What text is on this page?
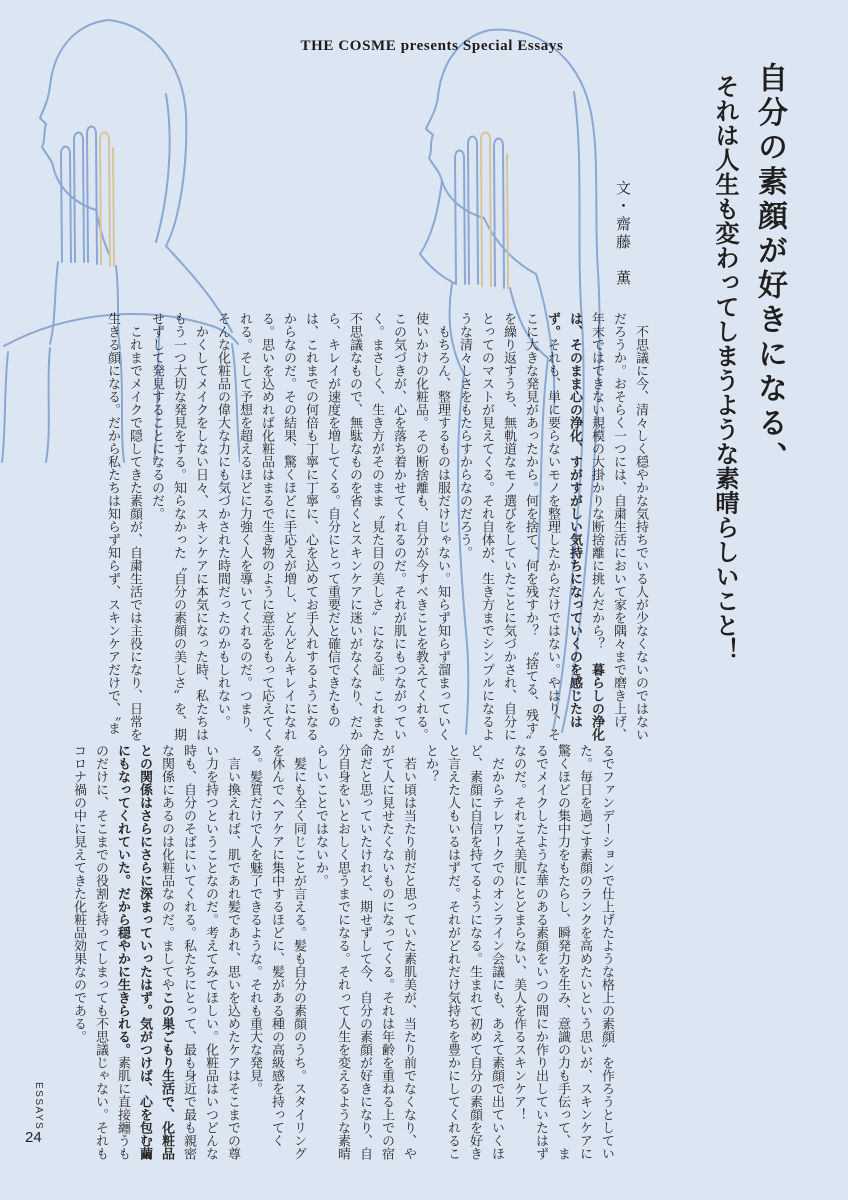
THE COSME presents Special Essays
自分の素顔が好きになる、
それは人生も変わってしまうような素晴らしいこと！
文・齋藤　薫

不思議に今、清々しく穏やかな気持ちでいる人が少なくないのではないだろうか。おそらく一つには、自粛生活において家を隅々まで磨き上げ、年末ではできない規模の大掛かりな断捨離に挑んだから？　暮らしの浄化は、そのまま心の浄化、すがすがしい気持ちになっていくのを感じたはず。それも、単に要らないモノを整理したからだけではない。やはり、そこに大きな発見があったから。何を捨て、何を残すか？　〝捨てる、残す〟を繰り返すうち、無軌道なモノ選びをしていたことに気づかされ、自分にとってのマストが見えてくる。それ自体が、生き方までシンプルになるような清々しさをもたらすからなのだろう。

もちろん、整理するものは服だけじゃない。知らず知らず溜まっていく使いかけの化粧品。その断捨離も、自分が今すべきことを教えてくれる。この気づきが、心を落ち着かせてくれるのだ。それが肌にもつながっていく。まさしく、生き方がそのまま〝見た目の美しさ〟になる証。これまた不思議なもので、無駄なものを省くとスキンケアに迷いがなくなり、だから、キレイが速度を増してくる。自分にとって重要だと確信できたものは、これまでの何倍も丁寧に丁寧に、心を込めてお手入れするようになるからなのだ。その結果、驚くほどに手応えが増し、どんどんキレイになれる。思いを込めれば化粧品はまるで生き物のように意志をもって応えてくれる。そして予想を超えるほどに力強く人を導いてくれるのだ。つまり、そんな化粧品の偉大な力にも気づかされた時間だったのかもしれない。

かくしてメイクをしない日々、スキンケアに本気になった時、私たちはもう一つ大切な発見をする。知らなかった〝自分の素顔の美しさ〟を、期せずして発見することになるのだ。

これまでメイクで隠してきた素顔が、自粛生活では主役になり、日常を生きる顔になる。だから私たちは知らず知らず、スキンケアだけで、〝ま

るでファンデーションで仕上げたような格上の素顔〟を作ろうとしていた。毎日を過ごす素顔のランクを高めたいという思いが、スキンケアに驚くほどの集中力をもたらし、瞬発力を生み、意識の力も手伝って、まるでメイクしたような華のある素顔をいつの間にか作り出していたはずなのだ。それこそ美肌にとどまらない、美人を作るスキンケア！

だからテレワークでのオンライン会議にも、あえて素顔で出ていくほど、素顔に自信を持てるようになる。生まれて初めて自分の素顔を好きと言えた人もいるはずだ。それがどれだけ気持ちを豊かにしてくれることか？

若い頃は当たり前だと思っていた素肌美が、当たり前でなくなり、やがて人に見せたくないものになってくる。それは年齢を重ねる上での宿命だと思っていたけれど、期せずして今、自分の素顔が好きになり、自分自身をいとおしく思うまでになる。それって人生を変えるような素晴らしいことではないか。

髪にも全く同じことが言える。髪も自分の素顔のうち。スタイリングを休んでヘアケアに集中するほどに、髪がある種の高級感を持ってくる。髪質だけで人を魅了できるような。それも重大な発見。

言い換えれば、肌であれ髪であれ、思いを込めたケアはそこまでの尊い力を持つということなのだ。考えてみてほしい。化粧品はいつどんな時も、自分のそばにいてくれる。私たちにとって、最も身近で最も親密な関係にあるのは化粧品なのだ。ましてやこの巣ごもり生活で、化粧品との関係はさらにさらに深まっていったはず。気がつけば、心を包む繭にもなってくれていた。だから穏やかに生きられる。素肌に直接纏うものだけに、そこまでの役割を持ってしまっても不思議じゃない。それもコロナ禍の中に見えてきた化粧品効果なのである。

ESSAYS
24
